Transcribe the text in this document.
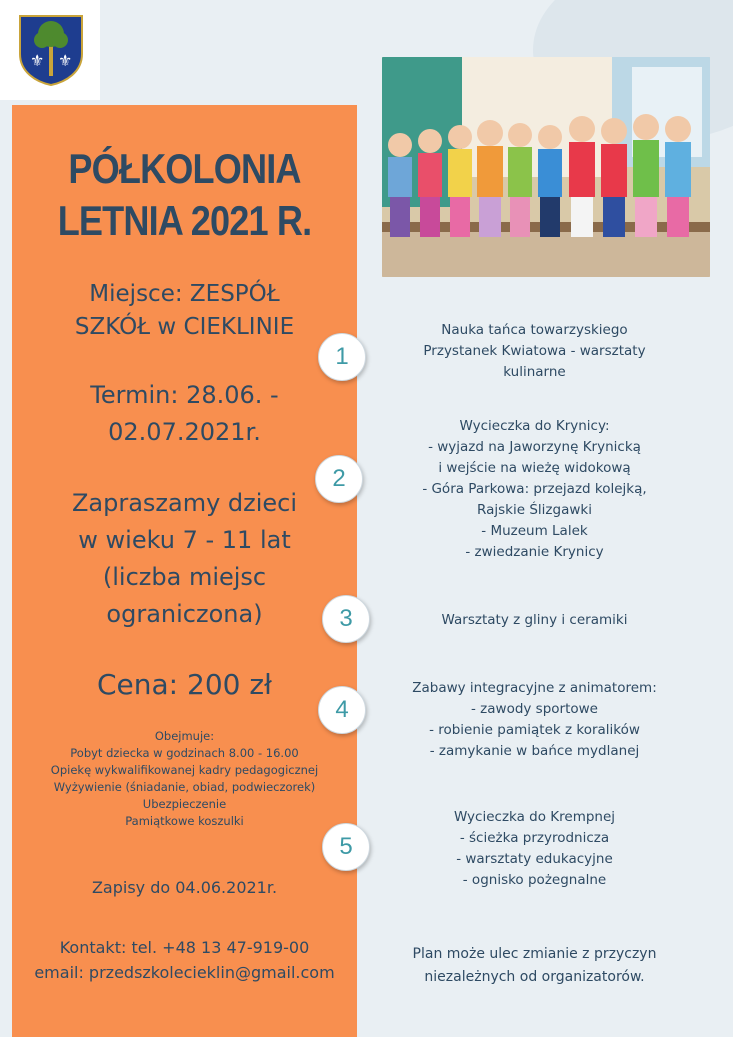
⚜ ⚜
PÓŁKOLONIA
LETNIA 2021 R.
Miejsce: ZESPÓŁ
SZKÓŁ w CIEKLINIE
Termin: 28.06. -
02.07.2021r.
Zapraszamy dzieci
w wieku 7 - 11 lat
(liczba miejsc
ograniczona)
Cena: 200 zł
Obejmuje:
Pobyt dziecka w godzinach 8.00 - 16.00
Opiekę wykwalifikowanej kadry pedagogicznej
Wyżywienie (śniadanie, obiad, podwieczorek)
Ubezpieczenie
Pamiątkowe koszulki
Zapisy do 04.06.2021r.
Kontakt: tel. +48 13 47-919-00
email: przedszkolecieklin@gmail.com
1
2
3
4
5
Nauka tańca towarzyskiego
Przystanek Kwiatowa - warsztaty
kulinarne
Wycieczka do Krynicy:
- wyjazd na Jaworzynę Krynicką
i wejście na wieżę widokową
- Góra Parkowa: przejazd kolejką,
Rajskie Ślizgawki
- Muzeum Lalek
- zwiedzanie Krynicy
Warsztaty z gliny i ceramiki
Zabawy integracyjne z animatorem:
- zawody sportowe
- robienie pamiątek z koralików
- zamykanie w bańce mydlanej
Wycieczka do Krempnej
- ścieżka przyrodnicza
- warsztaty edukacyjne
- ognisko pożegnalne
Plan może ulec zmianie z przyczyn
niezależnych od organizatorów.
